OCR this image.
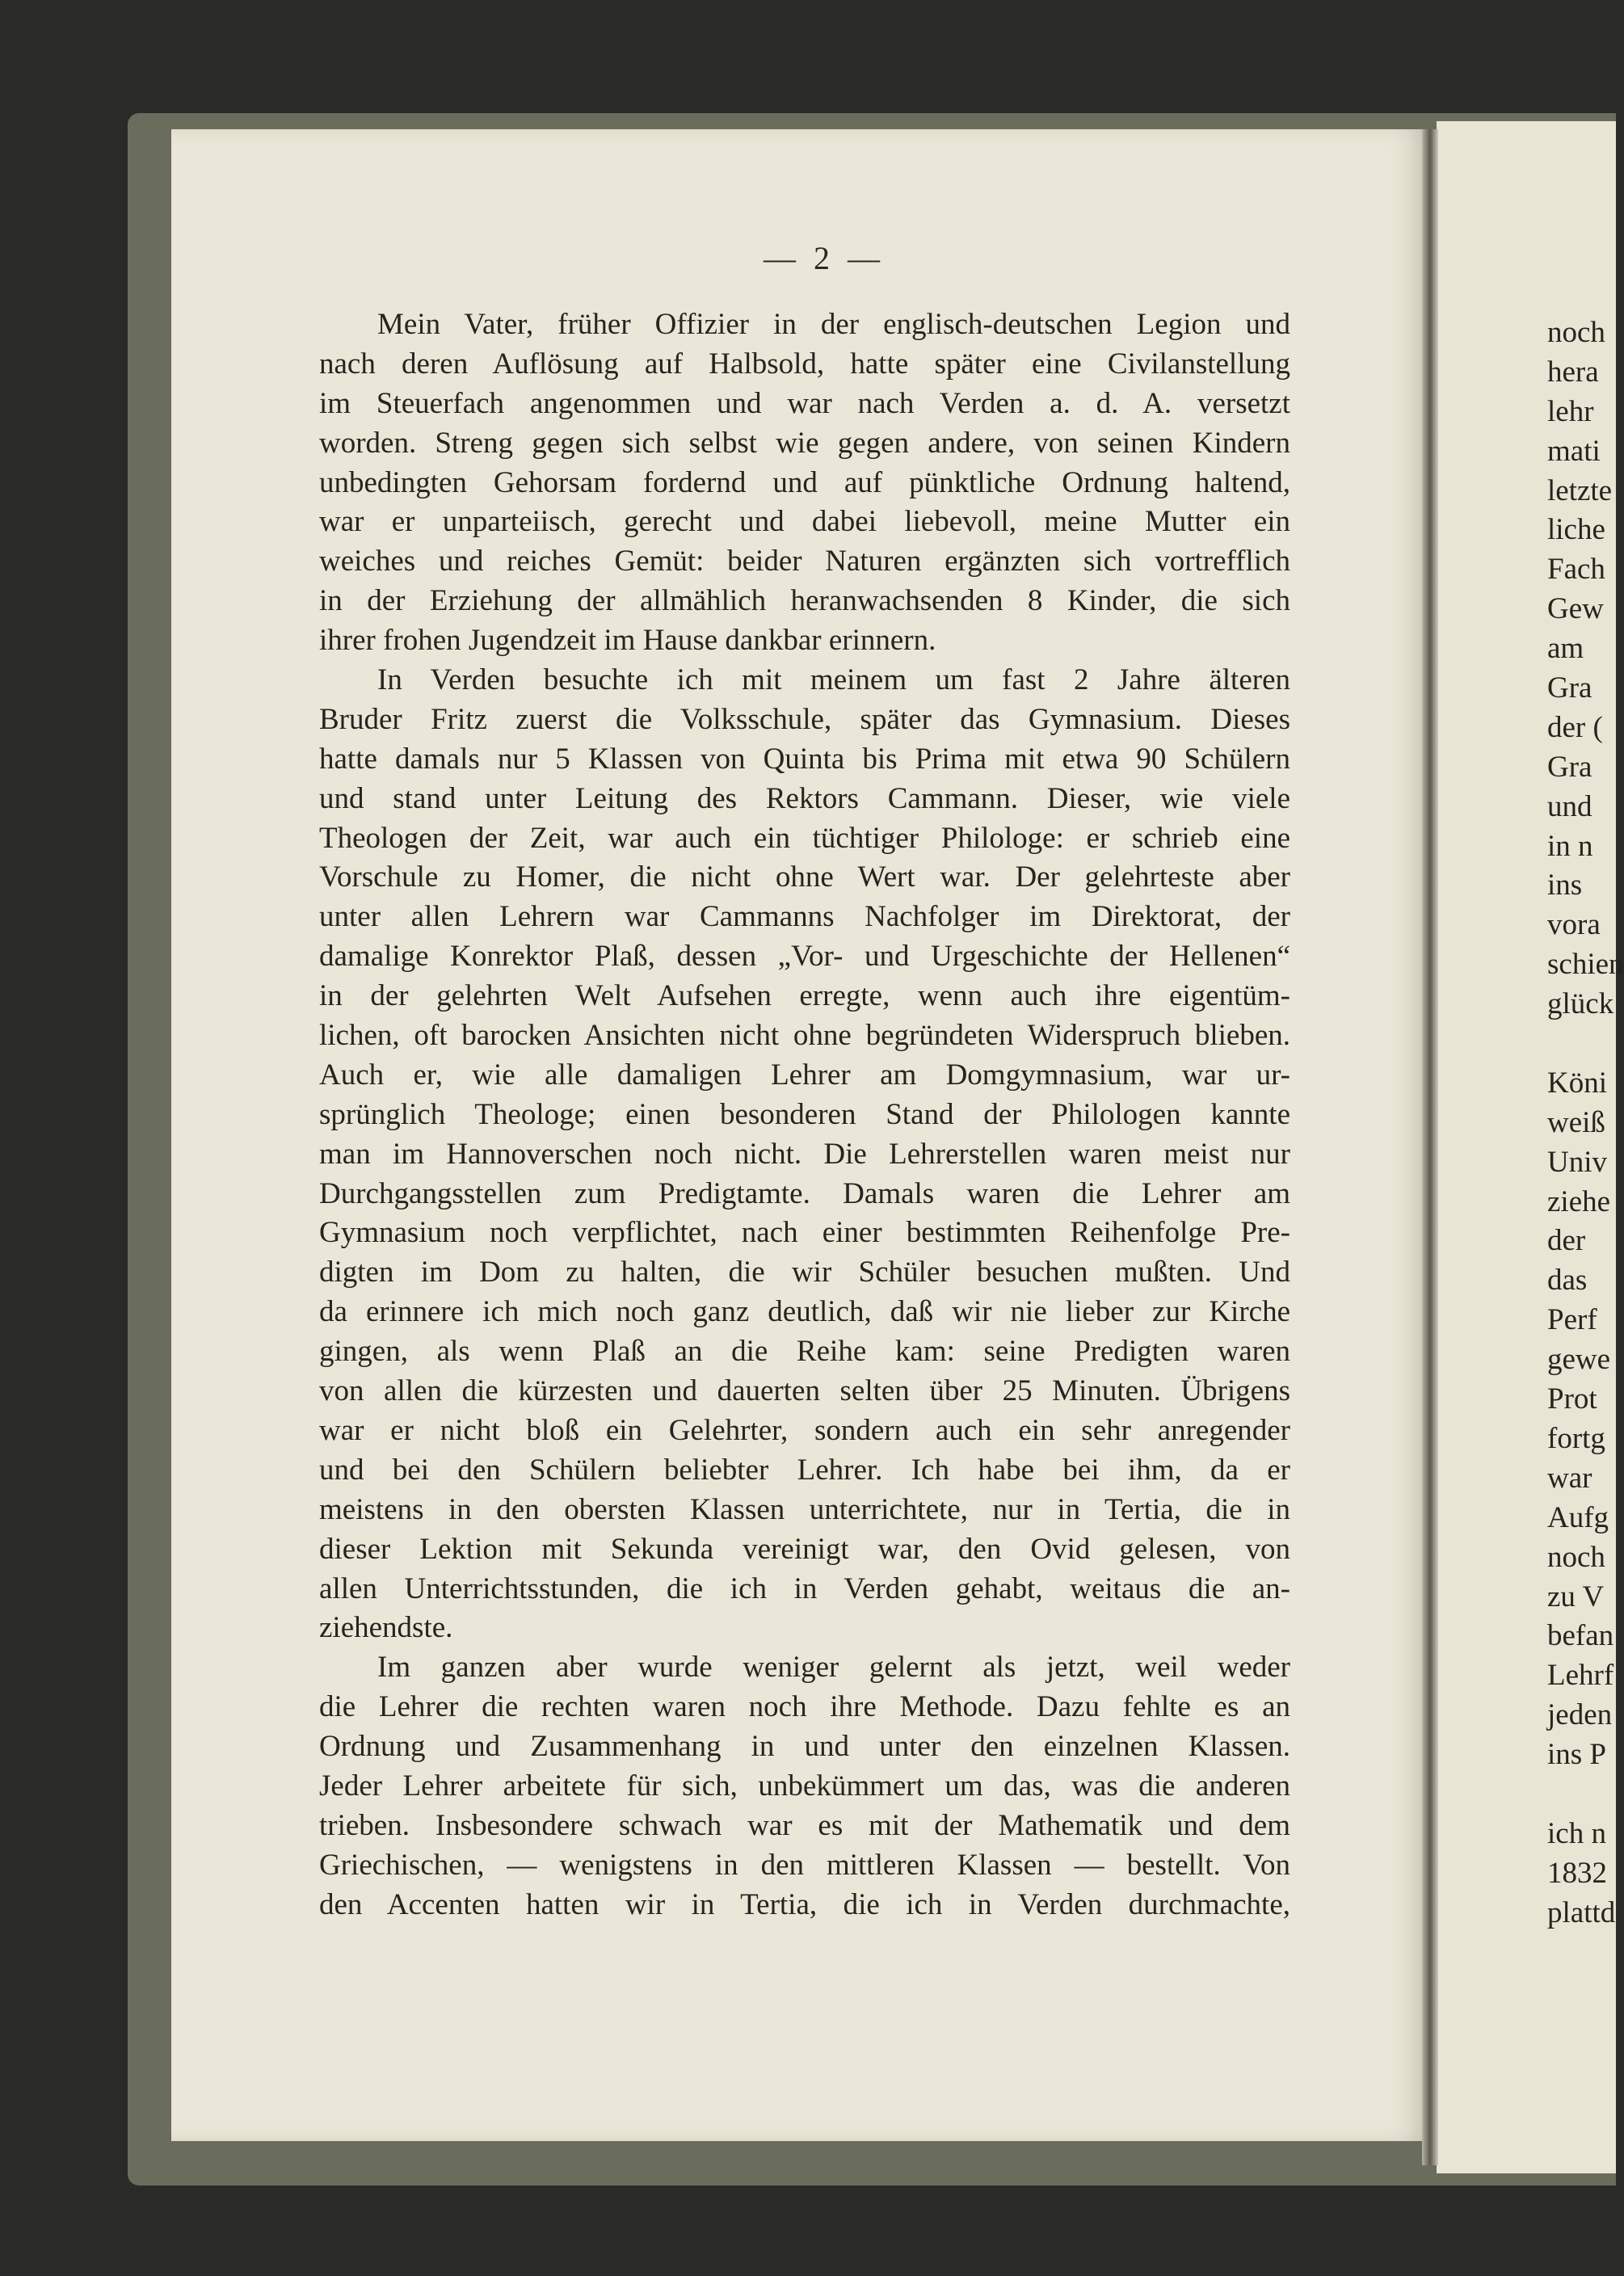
— 2 —
Mein Vater, früher Offizier in der englisch-deutschen Legion und
nach deren Auflösung auf Halbsold, hatte später eine Civilanstellung
im Steuerfach angenommen und war nach Verden a. d. A. versetzt
worden. Streng gegen sich selbst wie gegen andere, von seinen Kindern
unbedingten Gehorsam fordernd und auf pünktliche Ordnung haltend,
war er unparteiisch, gerecht und dabei liebevoll, meine Mutter ein
weiches und reiches Gemüt: beider Naturen ergänzten sich vortrefflich
in der Erziehung der allmählich heranwachsenden 8 Kinder, die sich
ihrer frohen Jugendzeit im Hause dankbar erinnern.
In Verden besuchte ich mit meinem um fast 2 Jahre älteren
Bruder Fritz zuerst die Volksschule, später das Gymnasium. Dieses
hatte damals nur 5 Klassen von Quinta bis Prima mit etwa 90 Schülern
und stand unter Leitung des Rektors Cammann. Dieser, wie viele
Theologen der Zeit, war auch ein tüchtiger Philologe: er schrieb eine
Vorschule zu Homer, die nicht ohne Wert war. Der gelehrteste aber
unter allen Lehrern war Cammanns Nachfolger im Direktorat, der
damalige Konrektor Plaß, dessen „Vor- und Urgeschichte der Hellenen“
in der gelehrten Welt Aufsehen erregte, wenn auch ihre eigentüm-
lichen, oft barocken Ansichten nicht ohne begründeten Widerspruch blieben.
Auch er, wie alle damaligen Lehrer am Domgymnasium, war ur-
sprünglich Theologe; einen besonderen Stand der Philologen kannte
man im Hannoverschen noch nicht. Die Lehrerstellen waren meist nur
Durchgangsstellen zum Predigtamte. Damals waren die Lehrer am
Gymnasium noch verpflichtet, nach einer bestimmten Reihenfolge Pre-
digten im Dom zu halten, die wir Schüler besuchen mußten. Und
da erinnere ich mich noch ganz deutlich, daß wir nie lieber zur Kirche
gingen, als wenn Plaß an die Reihe kam: seine Predigten waren
von allen die kürzesten und dauerten selten über 25 Minuten. Übrigens
war er nicht bloß ein Gelehrter, sondern auch ein sehr anregender
und bei den Schülern beliebter Lehrer. Ich habe bei ihm, da er
meistens in den obersten Klassen unterrichtete, nur in Tertia, die in
dieser Lektion mit Sekunda vereinigt war, den Ovid gelesen, von
allen Unterrichtsstunden, die ich in Verden gehabt, weitaus die an-
ziehendste.
Im ganzen aber wurde weniger gelernt als jetzt, weil weder
die Lehrer die rechten waren noch ihre Methode. Dazu fehlte es an
Ordnung und Zusammenhang in und unter den einzelnen Klassen.
Jeder Lehrer arbeitete für sich, unbekümmert um das, was die anderen
trieben. Insbesondere schwach war es mit der Mathematik und dem
Griechischen, — wenigstens in den mittleren Klassen — bestellt. Von
den Accenten hatten wir in Tertia, die ich in Verden durchmachte,
noch
hera
lehr
mati
letzte
liche
Fach
Gew
am
Gra
der (
Gra
und
in n
ins
vora
schien
glück
Köni
weiß
Univ
ziehe
der
das
Perf
gewe
Prot
fortg
war
Aufg
noch
zu V
befan
Lehrf
jeden
ins P
ich n
1832
plattd
